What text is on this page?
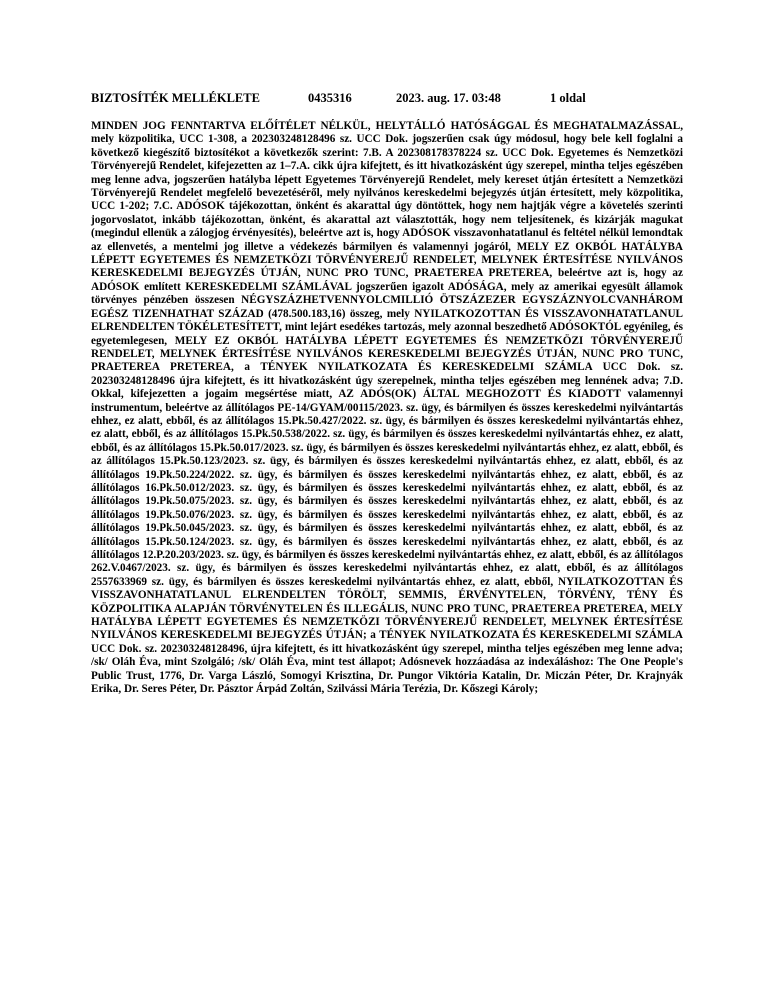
BIZTOSÍTÉK MELLÉKLETE	0435316	2023. aug. 17. 03:48	1 oldal
MINDEN JOG FENNTARTVA ELŐÍTÉLET NÉLKÜL, HELYTÁLLÓ HATÓSÁGGAL ÉS MEGHATALMAZÁSSAL, mely közpolitika, UCC 1-308, a 202303248128496 sz. UCC Dok. jogszerűen csak úgy módosul, hogy bele kell foglalni a következő kiegészítő biztosítékot a következők szerint: 7.B. A 202308178378224 sz. UCC Dok. Egyetemes és Nemzetközi Törvényerejű Rendelet, kifejezetten az 1–7.A. cikk újra kifejtett, és itt hivatkozásként úgy szerepel, mintha teljes egészében meg lenne adva, jogszerűen hatályba lépett Egyetemes Törvényerejű Rendelet, mely kereset útján értesített a Nemzetközi Törvényerejű Rendelet megfelelő bevezetéséről, mely nyilvános kereskedelmi bejegyzés útján értesített, mely közpolitika, UCC 1-202; 7.C. ADÓSOK tájékozottan, önként és akarattal úgy döntöttek, hogy nem hajtják végre a követelés szerinti jogorvoslatot, inkább tájékozottan, önként, és akarattal azt választották, hogy nem teljesítenek, és kizárják magukat (megindul ellenük a zálogjog érvényesítés), beleértve azt is, hogy ADÓSOK visszavonhatatlanul és feltétel nélkül lemondtak az ellenvetés, a mentelmi jog illetve a védekezés bármilyen és valamennyi jogáról, MELY EZ OKBÓL HATÁLYBA LÉPETT EGYETEMES ÉS NEMZETKÖZI TÖRVÉNYEREJŰ RENDELET, MELYNEK ÉRTESÍTÉSE NYILVÁNOS KERESKEDELMI BEJEGYZÉS ÚTJÁN, NUNC PRO TUNC, PRAETEREA PRETEREA, beleértve azt is, hogy az ADÓSOK említett KERESKEDELMI SZÁMLÁVAL jogszerűen igazolt ADÓSÁGA, mely az amerikai egyesült államok törvényes pénzében összesen NÉGYSZÁZHETVENNYOLCMILLIÓ ÖTSZÁZEZER EGYSZÁZNYOLCVANHÁROM EGÉSZ TIZENHATHAT SZÁZAD (478.500.183,16) összeg, mely NYILATKOZOTTAN ÉS VISSZAVONHATATLANUL ELRENDELTEN TÖKÉLETESÍTETT, mint lejárt esedékes tartozás, mely azonnal beszedhető ADÓSOKTÓL egyénileg, és egyetemlegesen, MELY EZ OKBÓL HATÁLYBA LÉPETT EGYETEMES ÉS NEMZETKÖZI TÖRVÉNYEREJŰ RENDELET, MELYNEK ÉRTESÍTÉSE NYILVÁNOS KERESKEDELMI BEJEGYZÉS ÚTJÁN, NUNC PRO TUNC, PRAETEREA PRETEREA, a TÉNYEK NYILATKOZATA ÉS KERESKEDELMI SZÁMLA UCC Dok. sz. 202303248128496 újra kifejtett, és itt hivatkozásként úgy szerepelnek, mintha teljes egészében meg lennének adva; 7.D. Okkal, kifejezetten a jogaim megsértése miatt, AZ ADÓS(OK) ÁLTAL MEGHOZOTT ÉS KIADOTT valamennyi instrumentum, beleértve az állítólagos PE-14/GYAM/00115/2023. sz. ügy, és bármilyen és összes kereskedelmi nyilvántartás ehhez, ez alatt, ebből, és az állítólagos 15.Pk.50.427/2022. sz. ügy, és bármilyen és összes kereskedelmi nyilvántartás ehhez, ez alatt, ebből, és az állítólagos 15.Pk.50.538/2022. sz. ügy, és bármilyen és összes kereskedelmi nyilvántartás ehhez, ez alatt, ebből, és az állítólagos 15.Pk.50.017/2023. sz. ügy, és bármilyen és összes kereskedelmi nyilvántartás ehhez, ez alatt, ebből, és az állítólagos 15.Pk.50.123/2023. sz. ügy, és bármilyen és összes kereskedelmi nyilvántartás ehhez, ez alatt, ebből, és az állítólagos 19.Pk.50.224/2022. sz. ügy, és bármilyen és összes kereskedelmi nyilvántartás ehhez, ez alatt, ebből, és az állítólagos 16.Pk.50.012/2023. sz. ügy, és bármilyen és összes kereskedelmi nyilvántartás ehhez, ez alatt, ebből, és az állítólagos 19.Pk.50.075/2023. sz. ügy, és bármilyen és összes kereskedelmi nyilvántartás ehhez, ez alatt, ebből, és az állítólagos 19.Pk.50.076/2023. sz. ügy, és bármilyen és összes kereskedelmi nyilvántartás ehhez, ez alatt, ebből, és az állítólagos 19.Pk.50.045/2023. sz. ügy, és bármilyen és összes kereskedelmi nyilvántartás ehhez, ez alatt, ebből, és az állítólagos 15.Pk.50.124/2023. sz. ügy, és bármilyen és összes kereskedelmi nyilvántartás ehhez, ez alatt, ebből, és az állítólagos 12.P.20.203/2023. sz. ügy, és bármilyen és összes kereskedelmi nyilvántartás ehhez, ez alatt, ebből, és az állítólagos 262.V.0467/2023. sz. ügy, és bármilyen és összes kereskedelmi nyilvántartás ehhez, ez alatt, ebből, és az állítólagos 2557633969 sz. ügy, és bármilyen és összes kereskedelmi nyilvántartás ehhez, ez alatt, ebből, NYILATKOZOTTAN ÉS VISSZAVONHATATLANUL ELRENDELTEN TÖRÖLT, SEMMIS, ÉRVÉNYTELEN, TÖRVÉNY, TÉNY ÉS KÖZPOLITIKA ALAPJÁN TÖRVÉNYTELEN ÉS ILLEGÁLIS, NUNC PRO TUNC, PRAETEREA PRETEREA, MELY HATÁLYBA LÉPETT EGYETEMES ÉS NEMZETKÖZI TÖRVÉNYEREJŰ RENDELET, MELYNEK ÉRTESÍTÉSE NYILVÁNOS KERESKEDELMI BEJEGYZÉS ÚTJÁN; a TÉNYEK NYILATKOZATA ÉS KERESKEDELMI SZÁMLA UCC Dok. sz. 202303248128496, újra kifejtett, és itt hivatkozásként úgy szerepel, mintha teljes egészében meg lenne adva; /sk/ Oláh Éva, mint Szolgáló; /sk/ Oláh Éva, mint test állapot; Adósnevek hozzáadása az indexáláshoz: The One People's Public Trust, 1776, Dr. Varga László, Somogyi Krisztina, Dr. Pungor Viktória Katalin, Dr. Miczán Péter, Dr. Krajnyák Erika, Dr. Seres Péter, Dr. Pásztor Árpád Zoltán, Szilvássi Mária Terézia, Dr. Kőszegi Károly;
